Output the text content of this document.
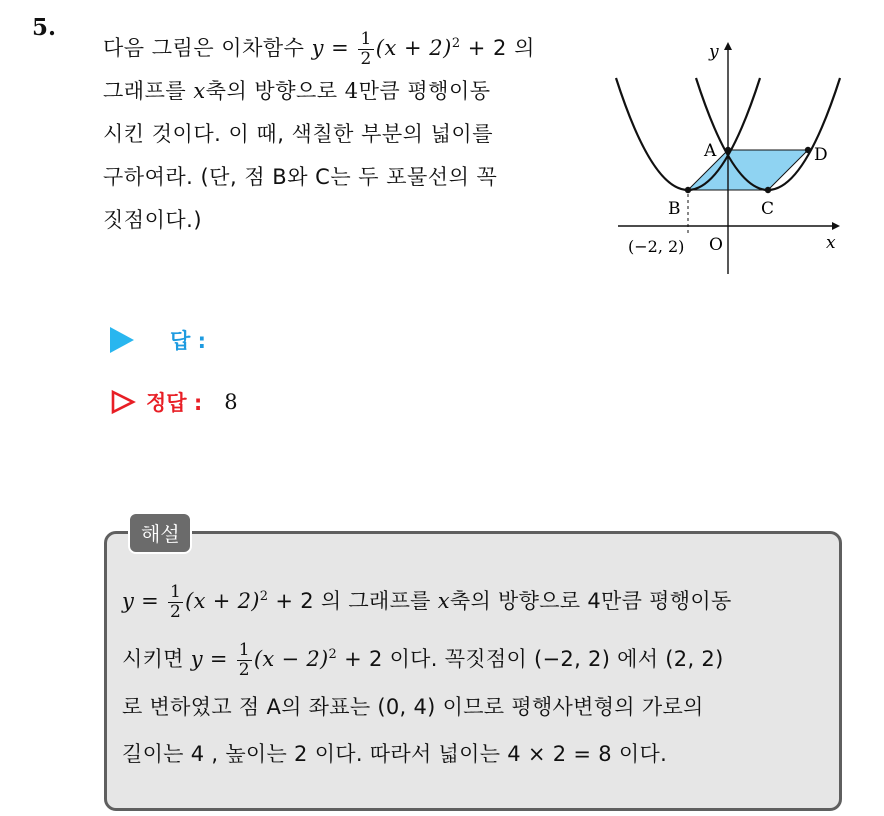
5.
다음 그림은 이차함수 $y = \frac{1}{2} (x + 2)^2 + 2$ 의
그래프를 x축의 방향으로 4만큼 평행이동
시킨 것이다. 이 때, 색칠한 부분의 넓이를
구하여라. (단, 점 B와 C는 두 포물선의 꼭
짓점이다.)
y
x
O
A
B	C
D
(−2, 2)
답 :
정답 : 8
해설
$y = \frac{1}{2} (x + 2)^2 + 2$ 의 그래프를 x축의 방향으로 4만큼 평행이동
시키면 $y = \frac{1}{2} (x - 2)^2 + 2$ 이다. 꼭짓점이 (−2, 2) 에서 (2, 2)
로 변하였고 점 A의 좌표는 (0, 4) 이므로 평행사변형의 가로의
길이는 4 , 높이는 2 이다. 따라서 넓이는 4 × 2 = 8 이다.
